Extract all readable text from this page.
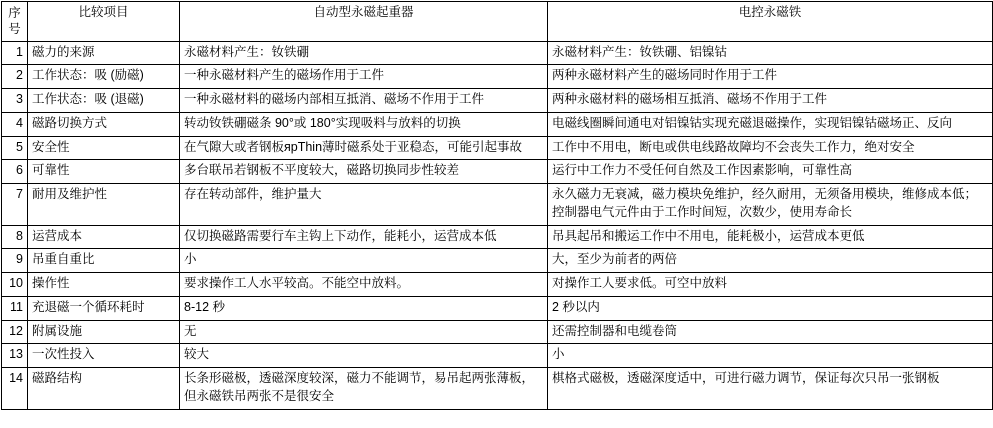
序
号	比较项目	自动型永磁起重器	电控永磁铁
1	磁力的来源	永磁材料产生：钕铁硼	永磁材料产生：钕铁硼、铝镍钴
2	工作状态：吸 (励磁)	一种永磁材料产生的磁场作用于工件	两种永磁材料产生的磁场同时作用于工件
3	工作状态：吸 (退磁)	一种永磁材料的磁场内部相互抵消、磁场不作用于工件	两种永磁材料的磁场相互抵消、磁场不作用于工件
4	磁路切换方式	转动钕铁硼磁条 90°或 180°实现吸料与放料的切换	电磁线圈瞬间通电对铝镍钴实现充磁退磁操作，实现铝镍钴磁场正、反向
5	安全性	在气隙大或者钢板ярThin薄时磁系处于亚稳态，可能引起事故	工作中不用电，断电或供电线路故障均不会丧失工作力，绝对安全
6	可靠性	多台联吊若钢板不平度较大，磁路切换同步性较差	运行中工作力不受任何自然及工作因素影响，可靠性高
7	耐用及维护性	存在转动部件，维护量大	永久磁力无衰减，磁力模块免维护，经久耐用，无须备用模块，维修成本低；控制器电气元件由于工作时间短，次数少，使用寿命长
8	运营成本	仅切换磁路需要行车主钩上下动作，能耗小，运营成本低	吊具起吊和搬运工作中不用电，能耗极小，运营成本更低
9	吊重自重比	小	大，至少为前者的两倍
10	操作性	要求操作工人水平较高。不能空中放料。	对操作工人要求低。可空中放料
11	充退磁一个循环耗时	8-12 秒	2 秒以内
12	附属设施	无	还需控制器和电缆卷筒
13	一次性投入	较大	小
14	磁路结构	长条形磁极，透磁深度较深，磁力不能调节，易吊起两张薄板，但永磁铁吊两张不是很安全	棋格式磁极，透磁深度适中，可进行磁力调节，保证每次只吊一张钢板
